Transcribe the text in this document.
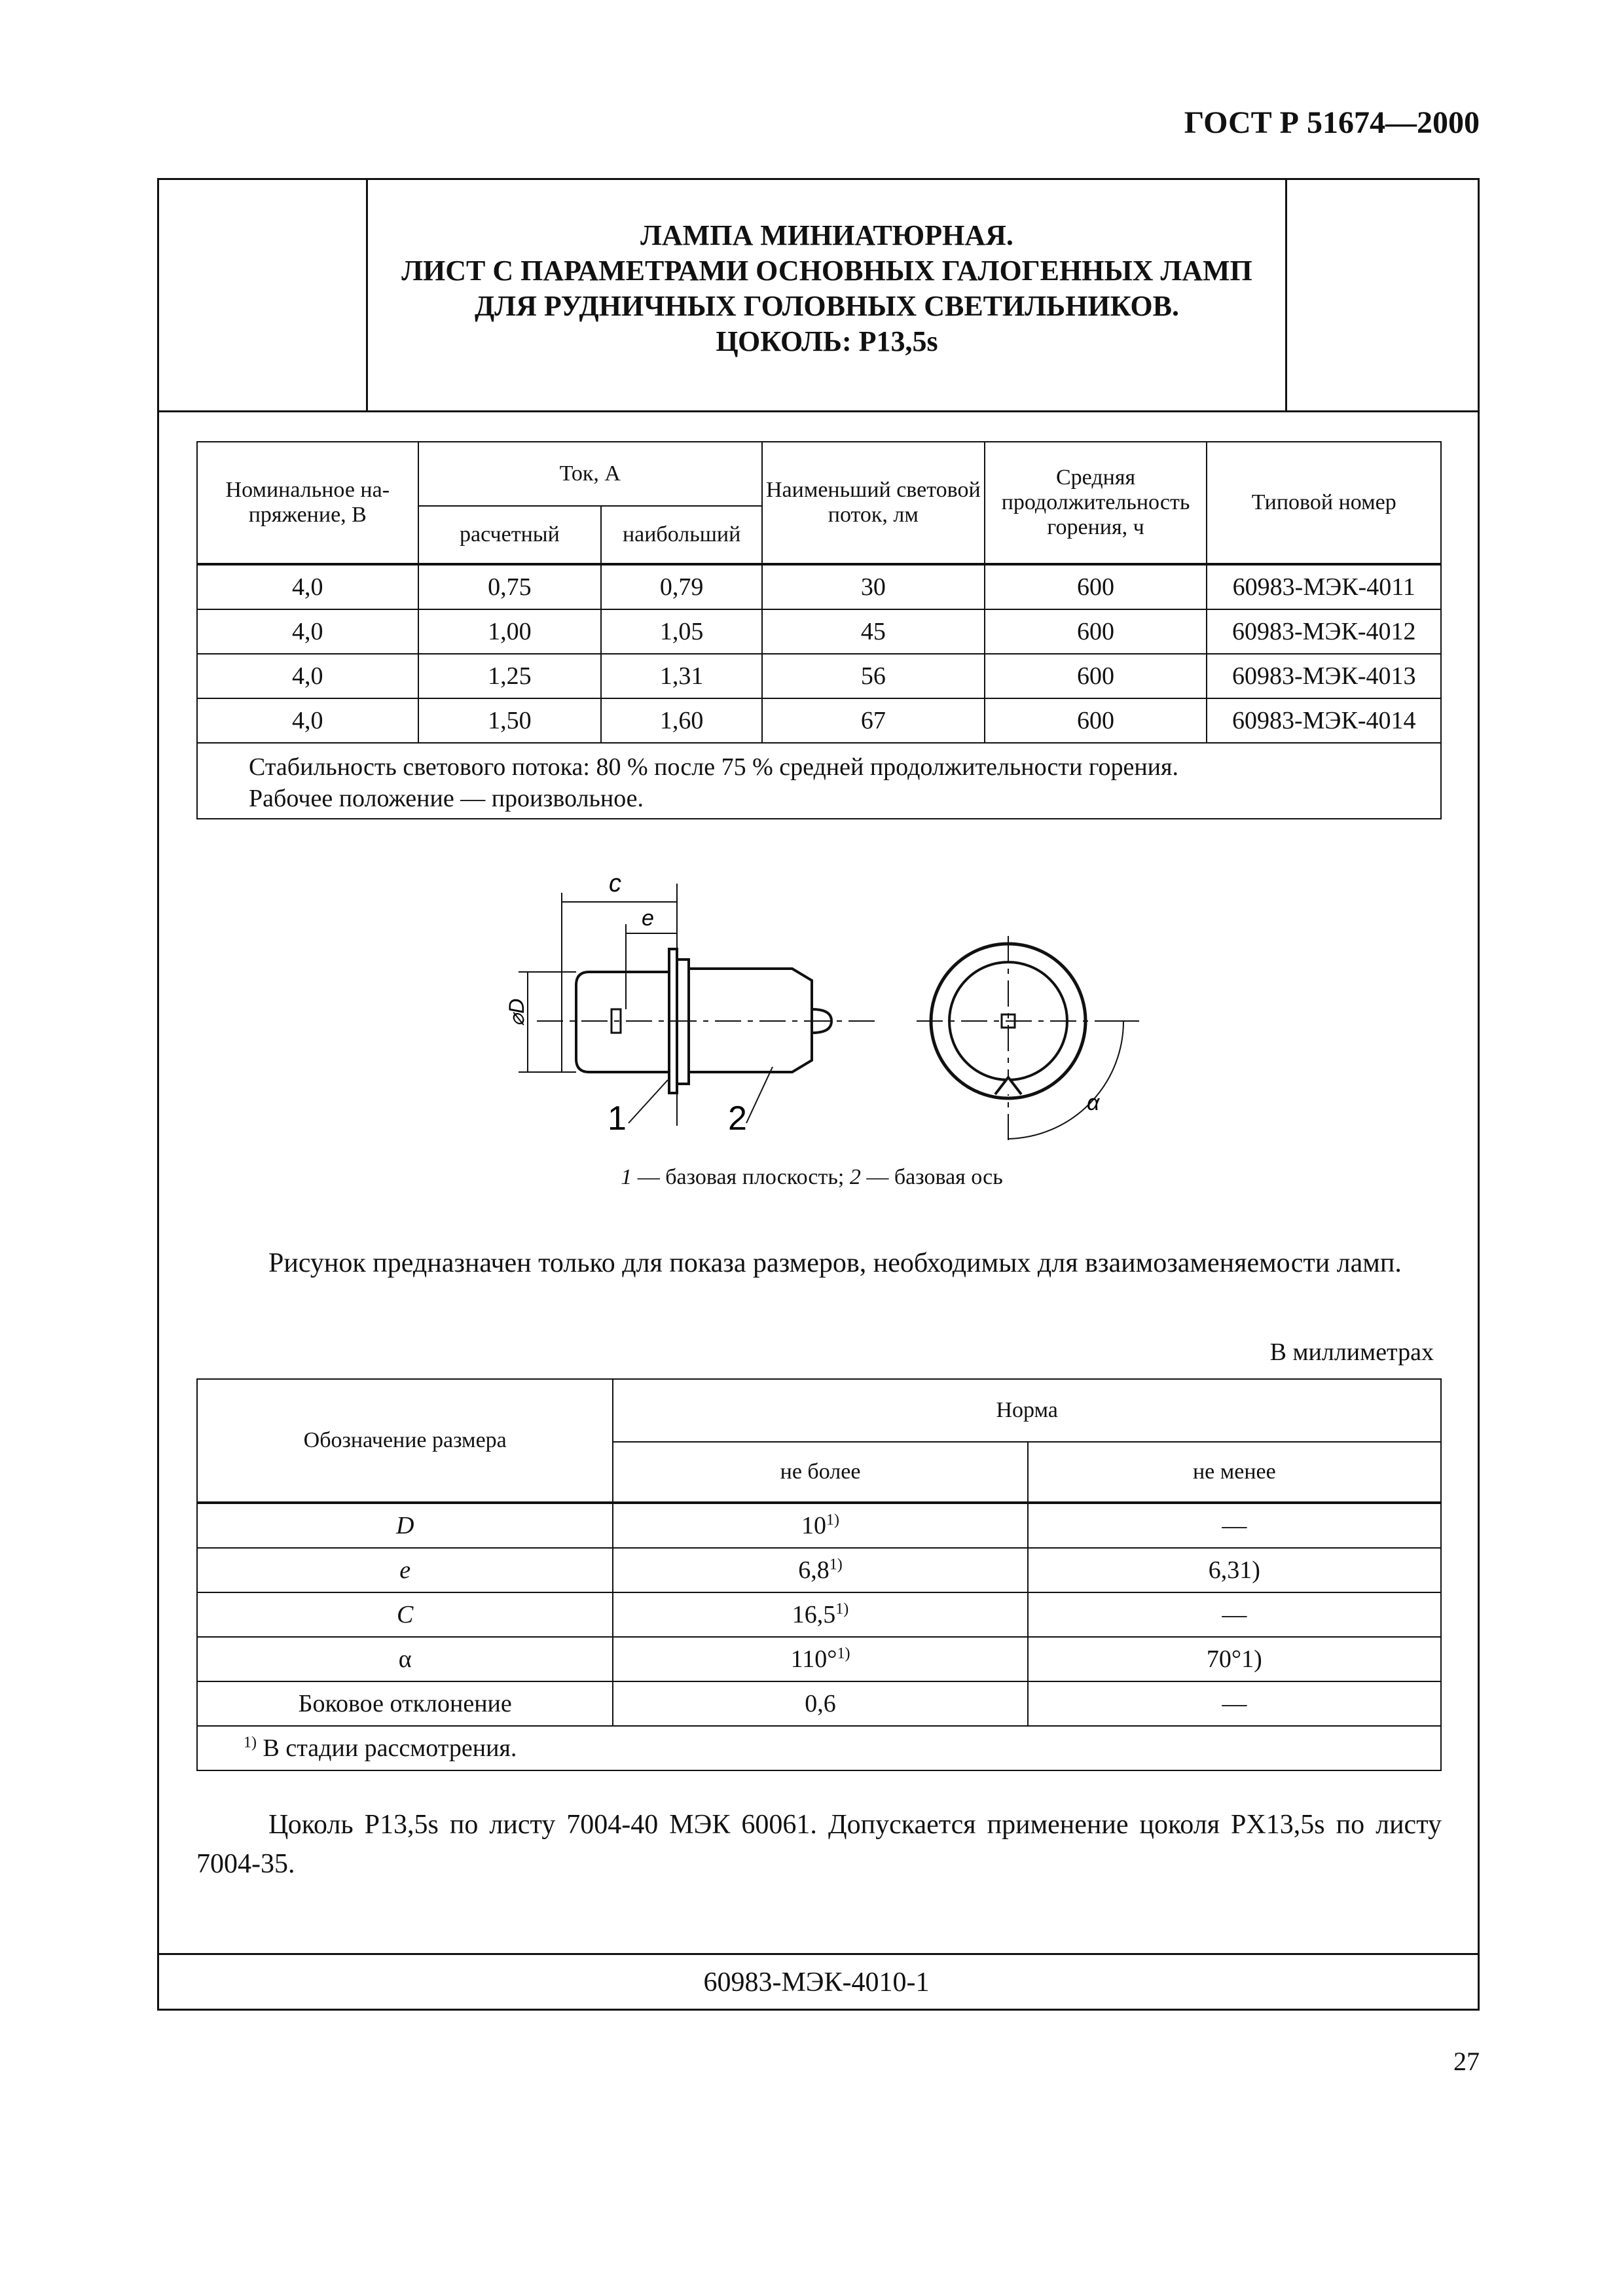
ГОСТ Р 51674—2000
ЛАМПА МИНИАТЮРНАЯ.
ЛИСТ С ПАРАМЕТРАМИ ОСНОВНЫХ ГАЛОГЕННЫХ ЛАМП
ДЛЯ РУДНИЧНЫХ ГОЛОВНЫХ СВЕТИЛЬНИКОВ.
ЦОКОЛЬ: P13,5s
Номинальное на-пряжение, В	Ток, А		Наименьший световой поток, лм	Средняя продолжительность горения, ч	Типовой номер
	расчетный	наибольший			
4,0	0,75	0,79	30	600	60983-МЭК-4011
4,0	1,00	1,05	45	600	60983-МЭК-4012
4,0	1,25	1,31	56	600	60983-МЭК-4013
4,0	1,50	1,60	67	600	60983-МЭК-4014

Стабильность светового потока: 80 % после 75 % средней продолжительности горения.
Рабочее положение — произвольное.					
c
e
⌀D
1	2	α
1 — базовая плоскость; 2 — базовая ось
Рисунок предназначен только для показа размеров, необходимых для взаимозаменяемости ламп.
В миллиметрах
Обозначение размера	Норма	
	не более	не менее
D	10$^{1)}$	—
e	6,8$^{1)}$	6,31)
C	16,5$^{1)}$	—
α	110°$^{1)}$	70°1)
Боковое отклонение	0,6	—
$^{1)}$ В стадии рассмотрения.		
Цоколь P13,5s по листу 7004-40 МЭК 60061. Допускается применение цоколя PX13,5s по листу 7004-35.
60983-МЭК-4010-1
27
